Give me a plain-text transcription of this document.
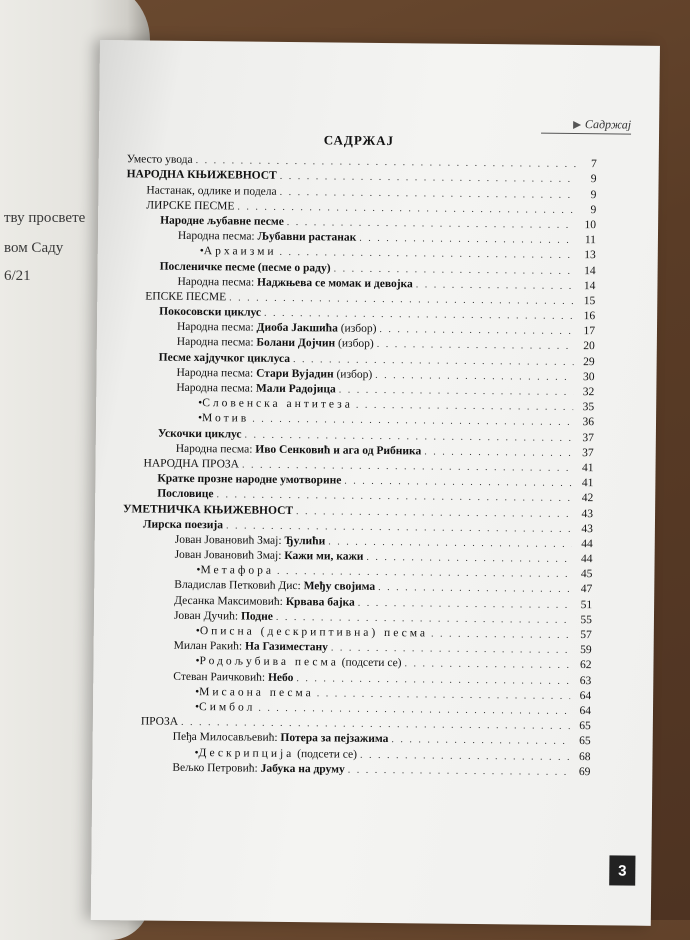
тву просвете
вом Саду
6/21
Садржај
САДРЖАЈ
Уместо увода . . .	7
НАРОДНА КЊИЖЕВНОСТ . . .	9
Настанак, одлике и подела . . .	9
ЛИРСКЕ ПЕСМЕ . . .	9
Народне љубавне песме . . .	10
Народна песма: Љубавни растанак . . .	11
•Архаизми . . .	13
Посленичке песме (песме о раду) . . .	14
Народна песма: Наджњева се момак и девојка . . .	14
ЕПСКЕ ПЕСМЕ . . .	15
Покосовски циклус . . .	16
Народна песма: Диоба Јакшића (избор) . . .	17
Народна песма: Болани Дојчин (избор) . . .	20
Песме хајдучког циклуса . . .	29
Народна песма: Стари Вујадин (избор) . . .	30
Народна песма: Мали Радојица . . .	32
•Словенска антитеза . . .	35
•Мотив . . .	36
Ускочки циклус . . .	37
Народна песма: Иво Сенковић и ага од Рибника . . .	37
НАРОДНА ПРОЗА . . .	41
Кратке прозне народне умотворине . . .	41
Пословице . . .	42
УМЕТНИЧКА КЊИЖЕВНОСТ . . .	43
Лирска поезија . . .	43
Јован Јовановић Змај: Ђулићи . . .	44
Јован Јовановић Змај: Кажи ми, кажи . . .	44
•Метафора . . .	45
Владислав Петковић Дис: Међу својима . . .	47
Десанка Максимовић: Крвава бајка . . .	51
Јован Дучић: Подне . . .	55
•Описна (дескриптивна) песма . . .	57
Милан Ракић: На Газиместану . . .	59
•Родољубива песма (подсети се) . . .	62
Стеван Раичковић: Небо . . .	63
•Мисаона песма . . .	64
•Симбол . . .	64
ПРОЗА . . .	65
Пеђа Милосављевић: Потера за пејзажима . . .	65
•Дескрипција (подсети се) . . .	68
Вељко Петровић: Јабука на друму . . .	69
3
